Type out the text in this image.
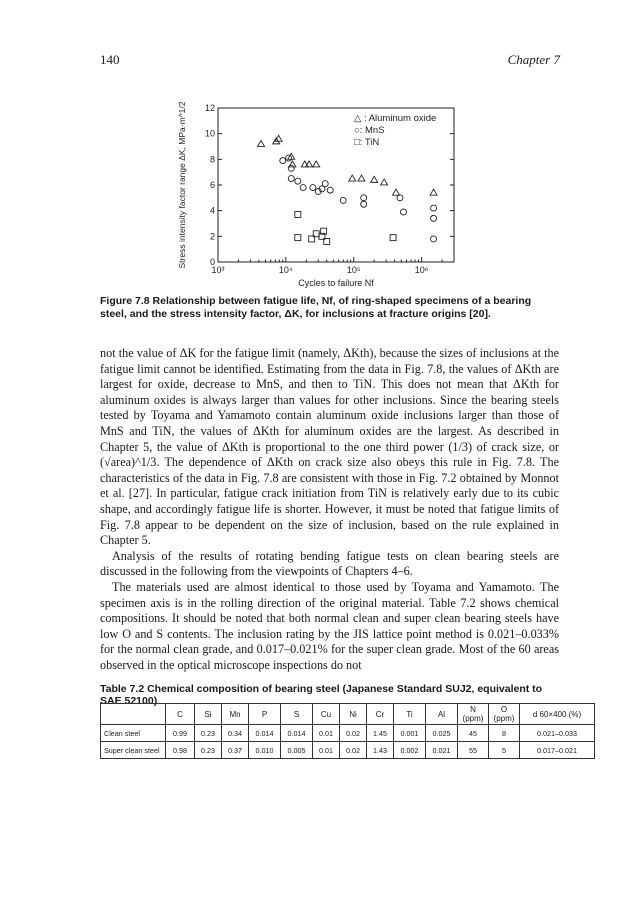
140	Chapter 7
0
2
4
6
8
10
12
10³	10⁴	10⁵	10⁶
Cycles to failure Nf
Stress intensity factor range ΔK, MPa·m^1/2	△ : Aluminum oxide
○: MnS
□: TiN
Figure 7.8 Relationship between fatigue life, Nf, of ring-shaped specimens of a bearing steel, and the stress intensity factor, ΔK, for inclusions at fracture origins [20].

not the value of ΔK for the fatigue limit (namely, ΔKth), because the sizes of inclusions at the fatigue limit cannot be identified. Estimating from the data in Fig. 7.8, the values of ΔKth are largest for oxide, decrease to MnS, and then to TiN. This does not mean that ΔKth for aluminum oxides is always larger than values for other inclusions. Since the bearing steels tested by Toyama and Yamamoto contain aluminum oxide inclusions larger than those of MnS and TiN, the values of ΔKth for aluminum oxides are the largest. As described in Chapter 5, the value of ΔKth is proportional to the one third power (1/3) of crack size, or (√area)^1/3. The dependence of ΔKth on crack size also obeys this rule in Fig. 7.8. The characteristics of the data in Fig. 7.8 are consistent with those in Fig. 7.2 obtained by Monnot et al. [27]. In particular, fatigue crack initiation from TiN is relatively early due to its cubic shape, and accordingly fatigue life is shorter. However, it must be noted that fatigue limits of Fig. 7.8 appear to be dependent on the size of inclusion, based on the rule explained in Chapter 5.

Analysis of the results of rotating bending fatigue tests on clean bearing steels are discussed in the following from the viewpoints of Chapters 4–6.

The materials used are almost identical to those used by Toyama and Yamamoto. The specimen axis is in the rolling direction of the original material. Table 7.2 shows chemical compositions. It should be noted that both normal clean and super clean bearing steels have low O and S contents. The inclusion rating by the JIS lattice point method is 0.021–0.033% for the normal clean grade, and 0.017–0.021% for the super clean grade. Most of the 60 areas observed in the optical microscope inspections do not

Table 7.2 Chemical composition of bearing steel (Japanese Standard SUJ2, equivalent to SAE 52100)
	C	Si	Mn	P	S	Cu	Ni	Cr	Ti	Al	N (ppm)	O (ppm)	d 60×400 (%)
Clean steel	0.99	0.23	0.34	0.014	0.014	0.01	0.02	1.45	0.001	0.025	45	8	0.021–0.033
Super clean steel	0.98	0.23	0.37	0.010	0.005	0.01	0.02	1.43	0.002	0.021	55	5	0.017–0.021
